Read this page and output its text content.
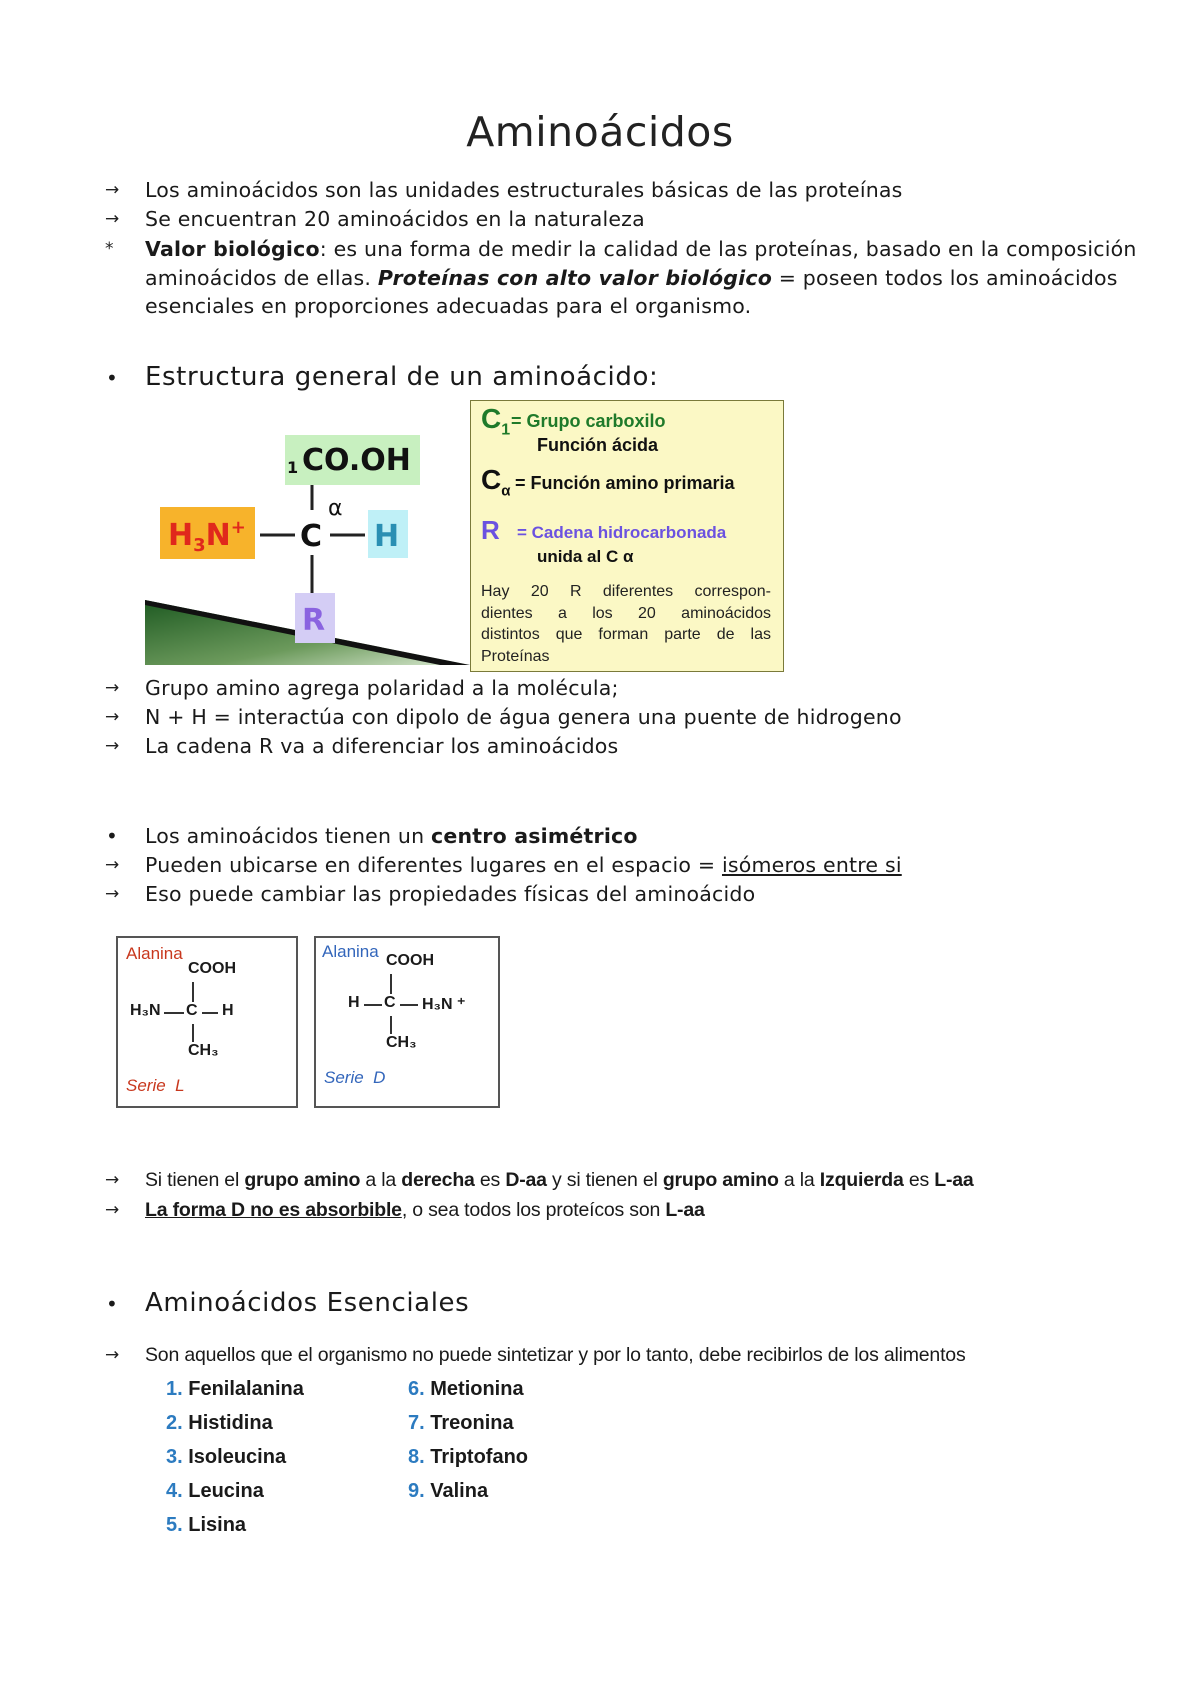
Aminoácidos
→ Los aminoácidos son las unidades estructurales básicas de las proteínas
→ Se encuentran 20 aminoácidos en la naturaleza
* Valor biológico: es una forma de medir la calidad de las proteínas, basado en la composición
aminoácidos de ellas. Proteínas con alto valor biológico = poseen todos los aminoácidos
esenciales en proporciones adecuadas para el organismo.
• Estructura general de un aminoácido:
1 CO.OH
$H_3N^+$ C
α
H
R
$C_1$ = Grupo carboxilo
Función ácida
$C_\alpha$ = Función amino primaria
R = Cadena hidrocarbonada
unida al C α
Hay 20 R diferentes correspon-
dientes a los 20 aminoácidos
distintos que forman parte de las
Proteínas
→ Grupo amino agrega polaridad a la molécula;
→ N + H = interactúa con dipolo de água genera una puente de hidrogeno
→ La cadena R va a diferenciar los aminoácidos
• Los aminoácidos tienen un centro asimétrico
→ Pueden ubicarse en diferentes lugares en el espacio = isómeros entre si
→ Eso puede cambiar las propiedades físicas del aminoácido
Alanina
COOH
H₃N C H
CH₃
Serie  L
Alanina COOH
H C H₃N ⁺
CH₃
Serie  D
→ Si tienen el grupo amino a la derecha es D-aa y si tienen el grupo amino a la Izquierda es L-aa
→ La forma D no es absorbible, o sea todos los proteícos son L-aa
• Aminoácidos Esenciales
→ Son aquellos que el organismo no puede sintetizar y por lo tanto, debe recibirlos de los alimentos
1. Fenilalanina
2. Histidina
3. Isoleucina
4. Leucina
5. Lisina
6. Metionina
7. Treonina
8. Triptofano
9. Valina
